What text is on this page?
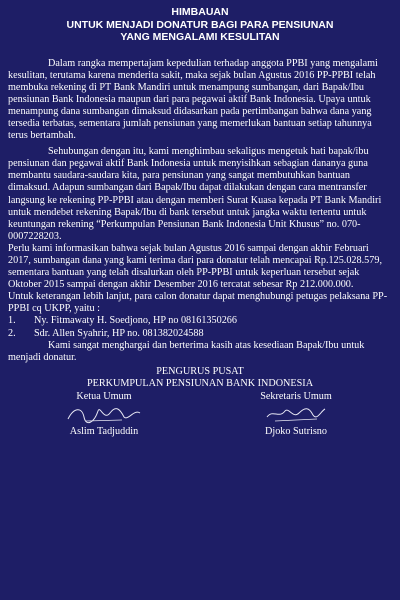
HIMBAUAN
UNTUK MENJADI DONATUR BAGI PARA PENSIUNAN
YANG MENGALAMI KESULITAN

Dalam rangka mempertajam kepedulian terhadap anggota PPBI yang mengalami kesulitan, terutama karena menderita sakit, maka sejak bulan Agustus 2016 PP-PPBI telah membuka rekening di PT Bank Mandiri untuk menampung sumbangan, dari Bapak/Ibu pensiunan Bank Indonesia maupun dari para pegawai aktif Bank Indonesia. Upaya untuk menampung dana sumbangan dimaksud didasarkan pada pertimbangan bahwa dana yang tersedia terbatas, sementara jumlah pensiunan yang memerlukan bantuan setiap tahunnya terus bertambah.

Sehubungan dengan itu, kami menghimbau sekaligus mengetuk hati bapak/ibu pensiunan dan pegawai aktif Bank Indonesia untuk menyisihkan sebagian dananya guna membantu saudara-saudara kita, para pensiunan yang sangat membutuhkan bantuan dimaksud. Adapun sumbangan dari Bapak/Ibu dapat dilakukan dengan cara mentransfer langsung ke rekening PP-PPBI atau dengan memberi Surat Kuasa kepada PT Bank Mandiri untuk mendebet rekening Bapak/Ibu di bank tersebut untuk jangka waktu tertentu untuk keuntungan rekening “Perkumpulan Pensiunan Bank Indonesia Unit Khusus” no. 070-0007228203.

Perlu kami informasikan bahwa sejak bulan Agustus 2016 sampai dengan akhir Februari 2017, sumbangan dana yang kami terima dari para donatur telah mencapai Rp.125.028.579, sementara bantuan yang telah disalurkan oleh PP-PPBI untuk keperluan tersebut sejak Oktober 2015 sampai dengan akhir Desember 2016 tercatat sebesar Rp 212.000.000.

Untuk keterangan lebih lanjut, para calon donatur dapat menghubungi petugas pelaksana PP-PPBI cq UKPP, yaitu :

1.	Ny. Fitmawaty H. Soedjono, HP no 08161350266
2.	Sdr. Allen Syahrir, HP no. 081382024588

Kami sangat menghargai dan berterima kasih atas kesediaan Bapak/Ibu untuk menjadi donatur.

PENGURUS PUSAT
PERKUMPULAN PENSIUNAN BANK INDONESIA
Ketua Umum	Sekretaris Umum
Aslim Tadjuddin	Djoko Sutrisno
